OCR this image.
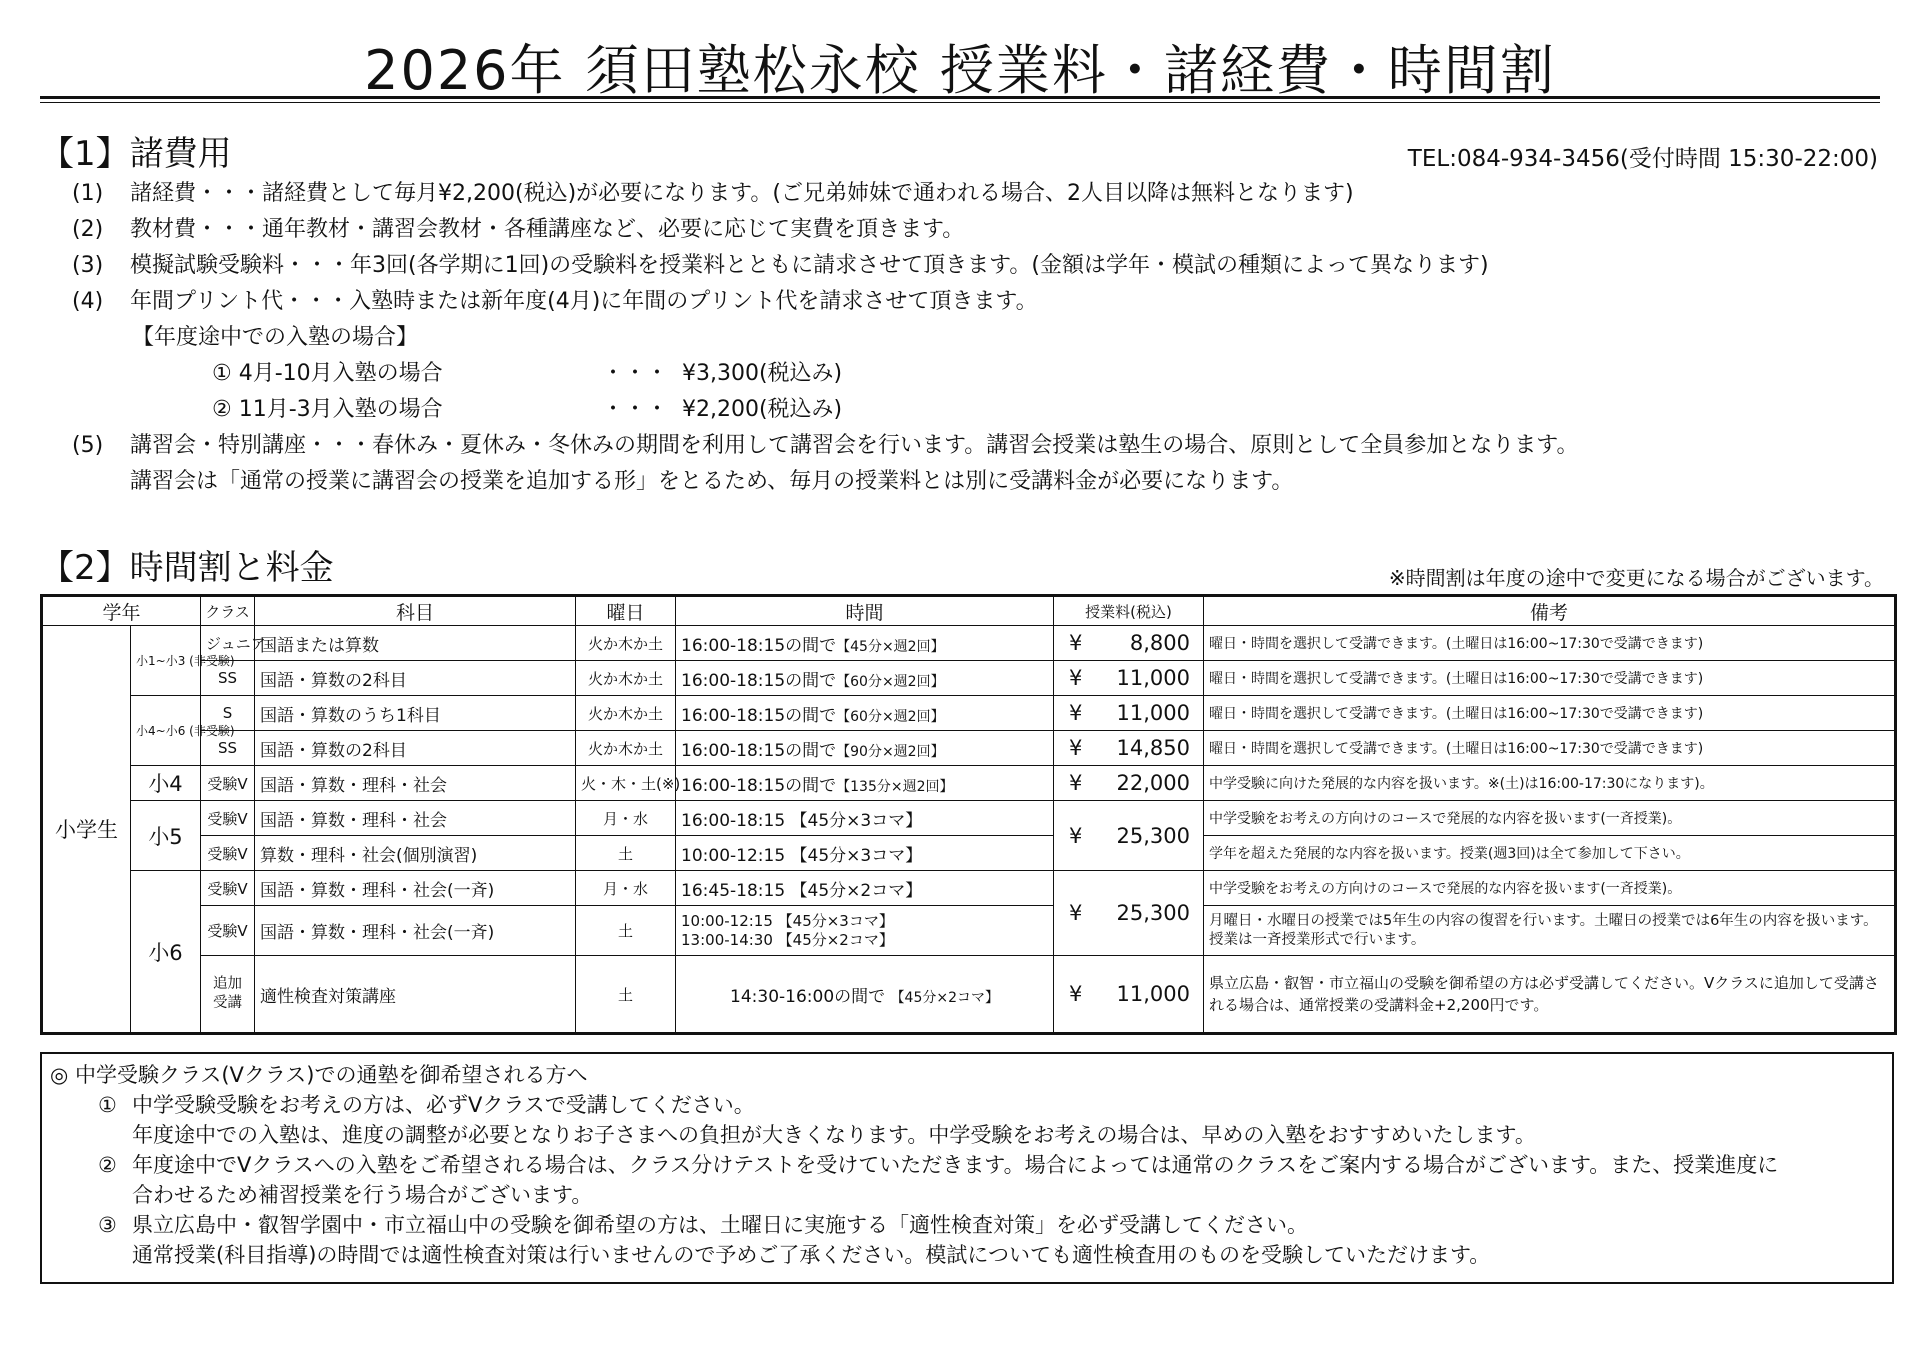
2026年 須田塾松永校 授業料・諸経費・時間割
【1】諸費用	TEL:084-934-3456(受付時間 15:30-22:00)
(1)	諸経費・・・諸経費として毎月¥2,200(税込)が必要になります。(ご兄弟姉妹で通われる場合、2人目以降は無料となります)
(2)	教材費・・・通年教材・講習会教材・各種講座など、必要に応じて実費を頂きます。
(3)	模擬試験受験料・・・年3回(各学期に1回)の受験料を授業料とともに請求させて頂きます。(金額は学年・模試の種類によって異なります)
(4)	年間プリント代・・・入塾時または新年度(4月)に年間のプリント代を請求させて頂きます。
【年度途中での入塾の場合】
① 4月-10月入塾の場合	・・・ ¥3,300(税込み)
② 11月-3月入塾の場合	・・・ ¥2,200(税込み)
(5)	講習会・特別講座・・・春休み・夏休み・冬休みの期間を利用して講習会を行います。講習会授業は塾生の場合、原則として全員参加となります。
講習会は「通常の授業に講習会の授業を追加する形」をとるため、毎月の授業料とは別に受講料金が必要になります。
【2】時間割と料金	※時間割は年度の途中で変更になる場合がございます。
学年		クラス	科目	曜日	時間	授業料(税込)	備考
小学生	小1~小3 (非受験)	ジュニア	国語または算数	火か木か土	16:00-18:15の間で【45分×週2回】	¥ 8,800	曜日・時間を選択して受講できます。(土曜日は16:00~17:30で受講できます)
		SS	国語・算数の2科目	火か木か土	16:00-18:15の間で【60分×週2回】	¥ 11,000	曜日・時間を選択して受講できます。(土曜日は16:00~17:30で受講できます)
	小4~小6 (非受験)	S	国語・算数のうち1科目	火か木か土	16:00-18:15の間で【60分×週2回】	¥ 11,000	曜日・時間を選択して受講できます。(土曜日は16:00~17:30で受講できます)
		SS	国語・算数の2科目	火か木か土	16:00-18:15の間で【90分×週2回】	¥ 14,850	曜日・時間を選択して受講できます。(土曜日は16:00~17:30で受講できます)
	小4	受験V	国語・算数・理科・社会	火・木・土(※)	16:00-18:15の間で【135分×週2回】	¥ 22,000	中学受験に向けた発展的な内容を扱います。※(土)は16:00-17:30になります)。
	小5	受験V	国語・算数・理科・社会	月・水	16:00-18:15 【45分×3コマ】	¥ 25,300	中学受験をお考えの方向けのコースで発展的な内容を扱います(一斉授業)。
		受験V	算数・理科・社会(個別演習)	土	10:00-12:15 【45分×3コマ】		学年を超えた発展的な内容を扱います。授業(週3回)は全て参加して下さい。
	小6	受験V	国語・算数・理科・社会(一斉)	月・水	16:45-18:15 【45分×2コマ】	¥ 25,300	中学受験をお考えの方向けのコースで発展的な内容を扱います(一斉授業)。
		受験V	国語・算数・理科・社会(一斉)	土	10:00-12:15 【45分×3コマ】
13:00-14:30 【45分×2コマ】		月曜日・水曜日の授業では5年生の内容の復習を行います。土曜日の授業では6年生の内容を扱います。授業は一斉授業形式で行います。
		追加 受講	適性検査対策講座	土	14:30-16:00の間で 【45分×2コマ】	¥ 11,000	県立広島・叡智・市立福山の受験を御希望の方は必ず受講してください。Vクラスに追加して受講される場合は、通常授業の受講料金+2,200円です。
◎ 中学受験クラス(Vクラス)での通塾を御希望される方へ
① 中学受験受験をお考えの方は、必ずVクラスで受講してください。
年度途中での入塾は、進度の調整が必要となりお子さまへの負担が大きくなります。中学受験をお考えの場合は、早めの入塾をおすすめいたします。
② 年度途中でVクラスへの入塾をご希望される場合は、クラス分けテストを受けていただきます。場合によっては通常のクラスをご案内する場合がございます。また、授業進度に
合わせるため補習授業を行う場合がございます。
③ 県立広島中・叡智学園中・市立福山中の受験を御希望の方は、土曜日に実施する「適性検査対策」を必ず受講してください。
通常授業(科目指導)の時間では適性検査対策は行いませんので予めご了承ください。模試についても適性検査用のものを受験していただけます。
